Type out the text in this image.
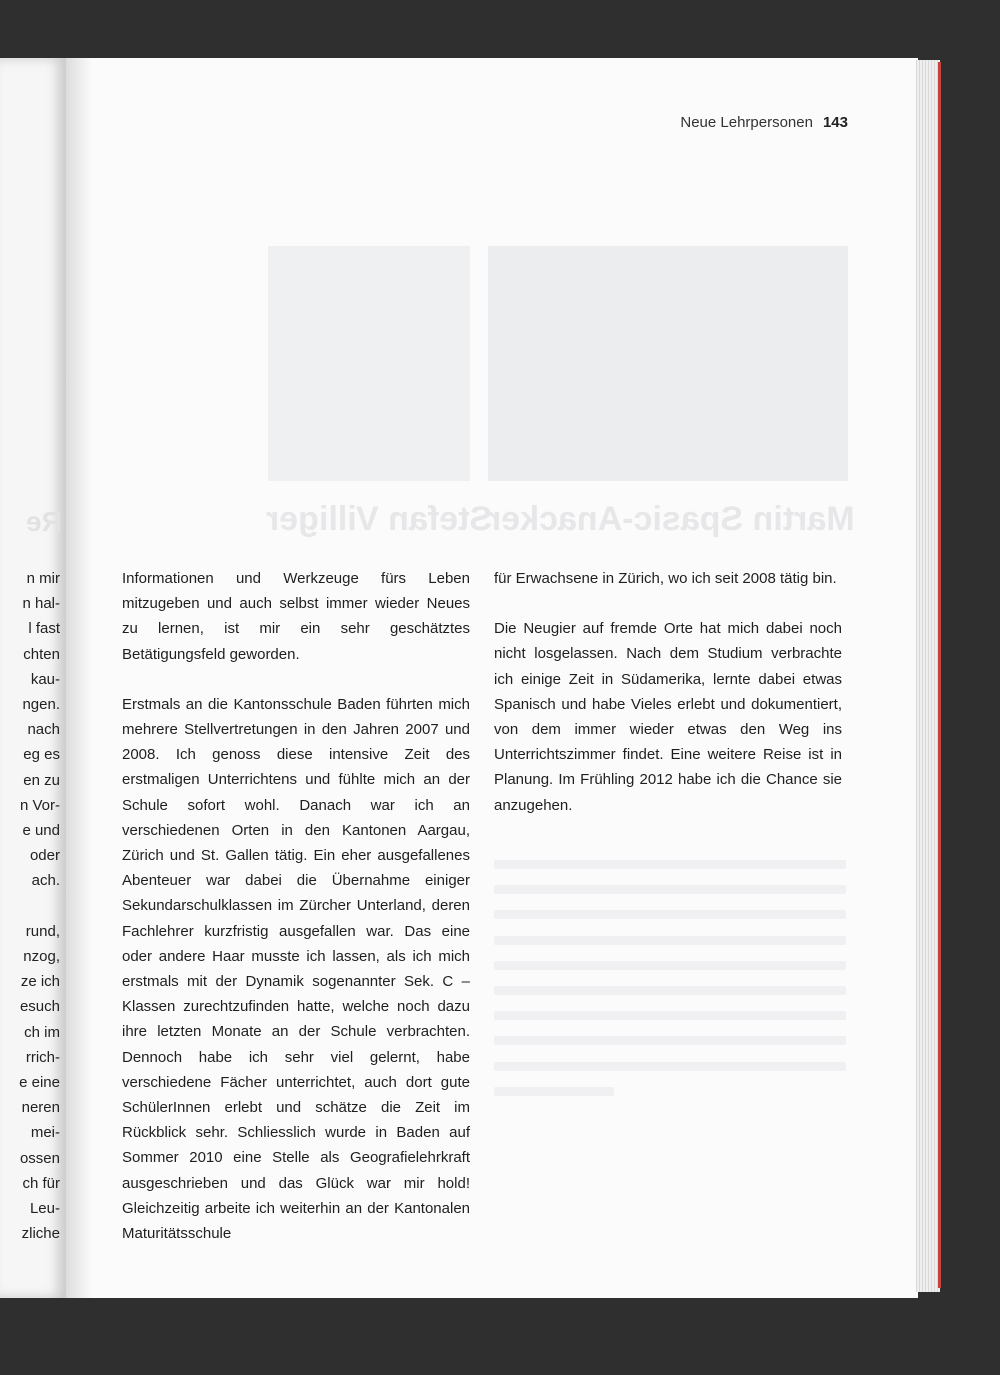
Re
n mir
n hal-
l fast
chten
kau-
ngen.
nach
eg es
en zu
n Vor-
e und
oder
ach.
rund,
nzog,
ze ich
esuch
ch im
rrich-
e eine
neren
mei-
ossen
ch für
Leu-
zliche
Neue Lehrpersonen 143
Stefan Villiger
Martin Spasic-Anacker

Informationen und Werkzeuge fürs Leben mitzugeben und auch selbst immer wieder Neues zu lernen, ist mir ein sehr geschätztes Betätigungsfeld geworden.

Erstmals an die Kantonsschule Baden führten mich mehrere Stellvertretungen in den Jahren 2007 und 2008. Ich genoss diese intensive Zeit des erstmaligen Unterrichtens und fühlte mich an der Schule sofort wohl. Danach war ich an verschiedenen Orten in den Kantonen Aargau, Zürich und St. Gallen tätig. Ein eher ausgefallenes Abenteuer war dabei die Übernahme einiger Sekundarschulklassen im Zürcher Unterland, deren Fachlehrer kurzfristig ausgefallen war. Das eine oder andere Haar musste ich lassen, als ich mich erstmals mit der Dynamik sogenannter Sek. C – Klassen zurechtzufinden hatte, welche noch dazu ihre letzten Monate an der Schule verbrachten. Dennoch habe ich sehr viel gelernt, habe verschiedene Fächer unterrichtet, auch dort gute SchülerInnen erlebt und schätze die Zeit im Rückblick sehr. Schliesslich wurde in Baden auf Sommer 2010 eine Stelle als Geografielehrkraft ausgeschrieben und das Glück war mir hold! Gleichzeitig arbeite ich weiterhin an der Kantonalen Maturitätsschule

für Erwachsene in Zürich, wo ich seit 2008 tätig bin.

Die Neugier auf fremde Orte hat mich dabei noch nicht losgelassen. Nach dem Studium verbrachte ich einige Zeit in Südamerika, lernte dabei etwas Spanisch und habe Vieles erlebt und dokumentiert, von dem immer wieder etwas den Weg ins Unterrichtszimmer findet. Eine weitere Reise ist in Planung. Im Frühling 2012 habe ich die Chance sie anzugehen.
